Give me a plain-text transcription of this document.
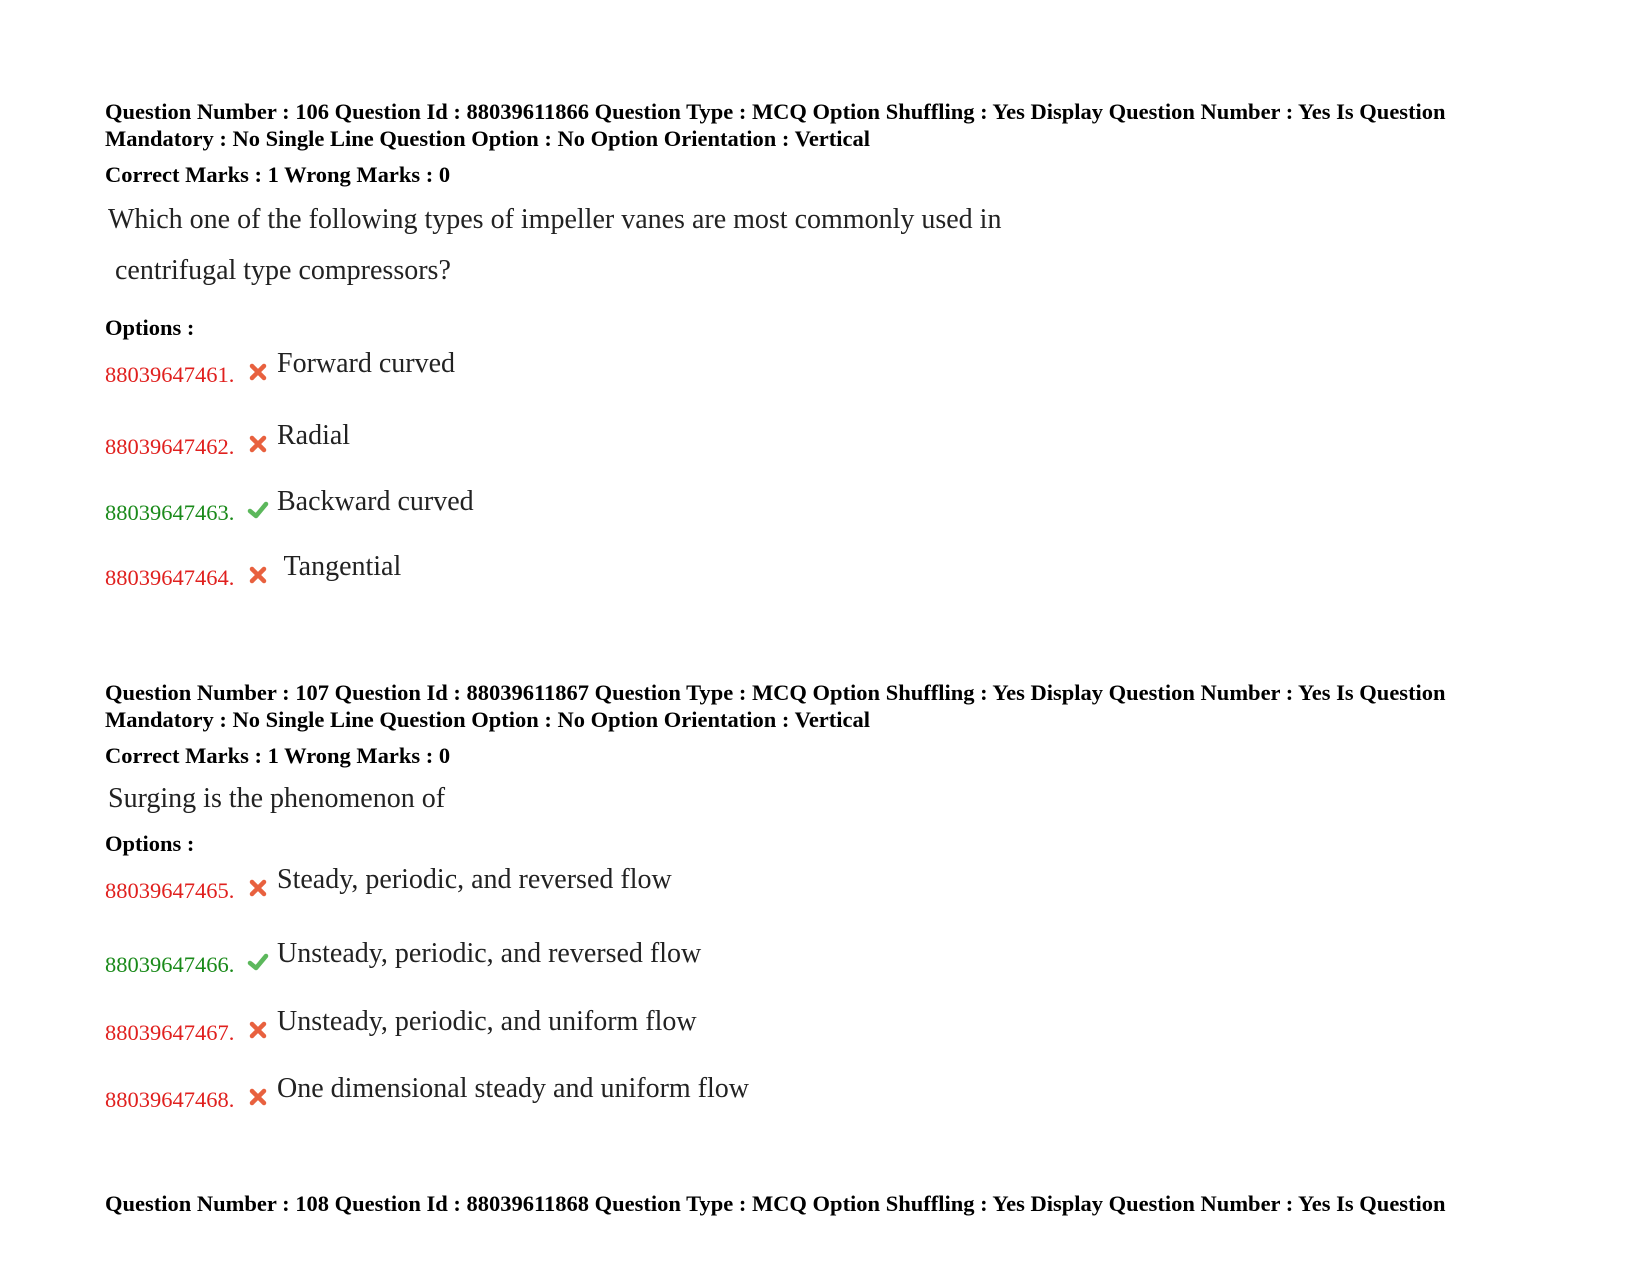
Question Number : 106 Question Id : 88039611866 Question Type : MCQ Option Shuffling : Yes Display Question Number : Yes Is Question
Mandatory : No Single Line Question Option : No Option Orientation : Vertical
Correct Marks : 1 Wrong Marks : 0
Which one of the following types of impeller vanes are most commonly used in
centrifugal type compressors?
Options :
88039647461. Forward curved
88039647462. Radial
88039647463. Backward curved
88039647464. Tangential
Question Number : 107 Question Id : 88039611867 Question Type : MCQ Option Shuffling : Yes Display Question Number : Yes Is Question
Mandatory : No Single Line Question Option : No Option Orientation : Vertical
Correct Marks : 1 Wrong Marks : 0
Surging is the phenomenon of
Options :
88039647465. Steady, periodic, and reversed flow
88039647466. Unsteady, periodic, and reversed flow
88039647467. Unsteady, periodic, and uniform flow
88039647468. One dimensional steady and uniform flow
Question Number : 108 Question Id : 88039611868 Question Type : MCQ Option Shuffling : Yes Display Question Number : Yes Is Question
